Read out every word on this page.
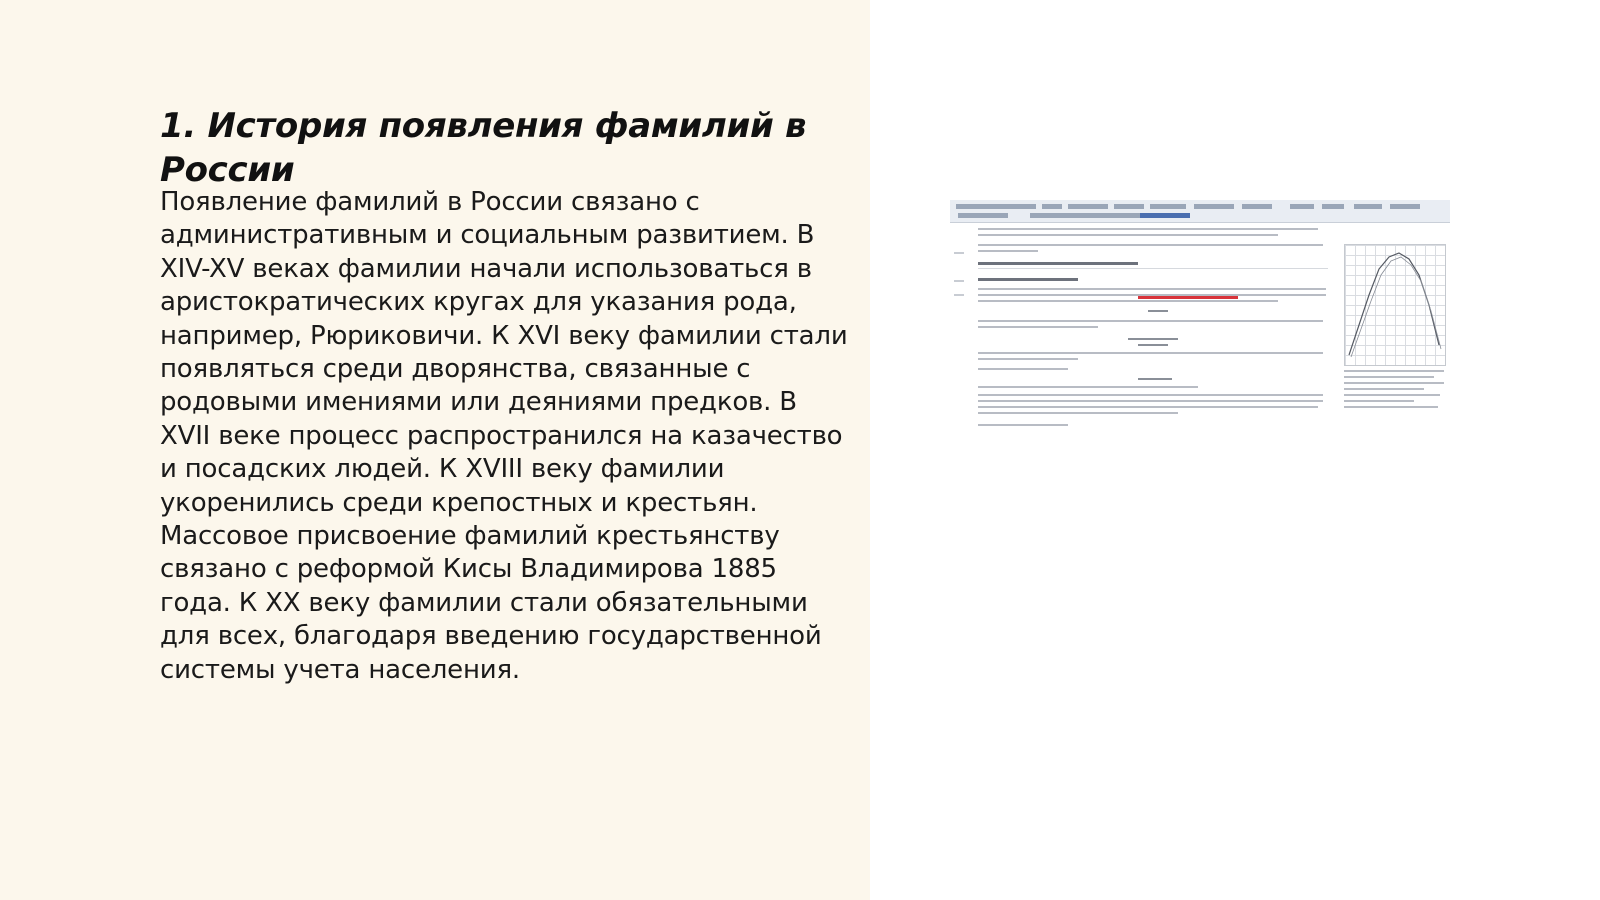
1. История появления фамилий в России

Появление фамилий в России связано с административным и социальным развитием. В XIV-XV веках фамилии начали использоваться в аристократических кругах для указания рода, например, Рюриковичи. К XVI веку фамилии стали появляться среди дворянства, связанные с родовыми имениями или деяниями предков. В XVII веке процесс распространился на казачество и посадских людей. К XVIII веку фамилии укоренились среди крепостных и крестьян. Массовое присвоение фамилий крестьянству связано с реформой Кисы Владимирова 1885 года. К XX веку фамилии стали обязательными для всех, благодаря введению государственной системы учета населения.
